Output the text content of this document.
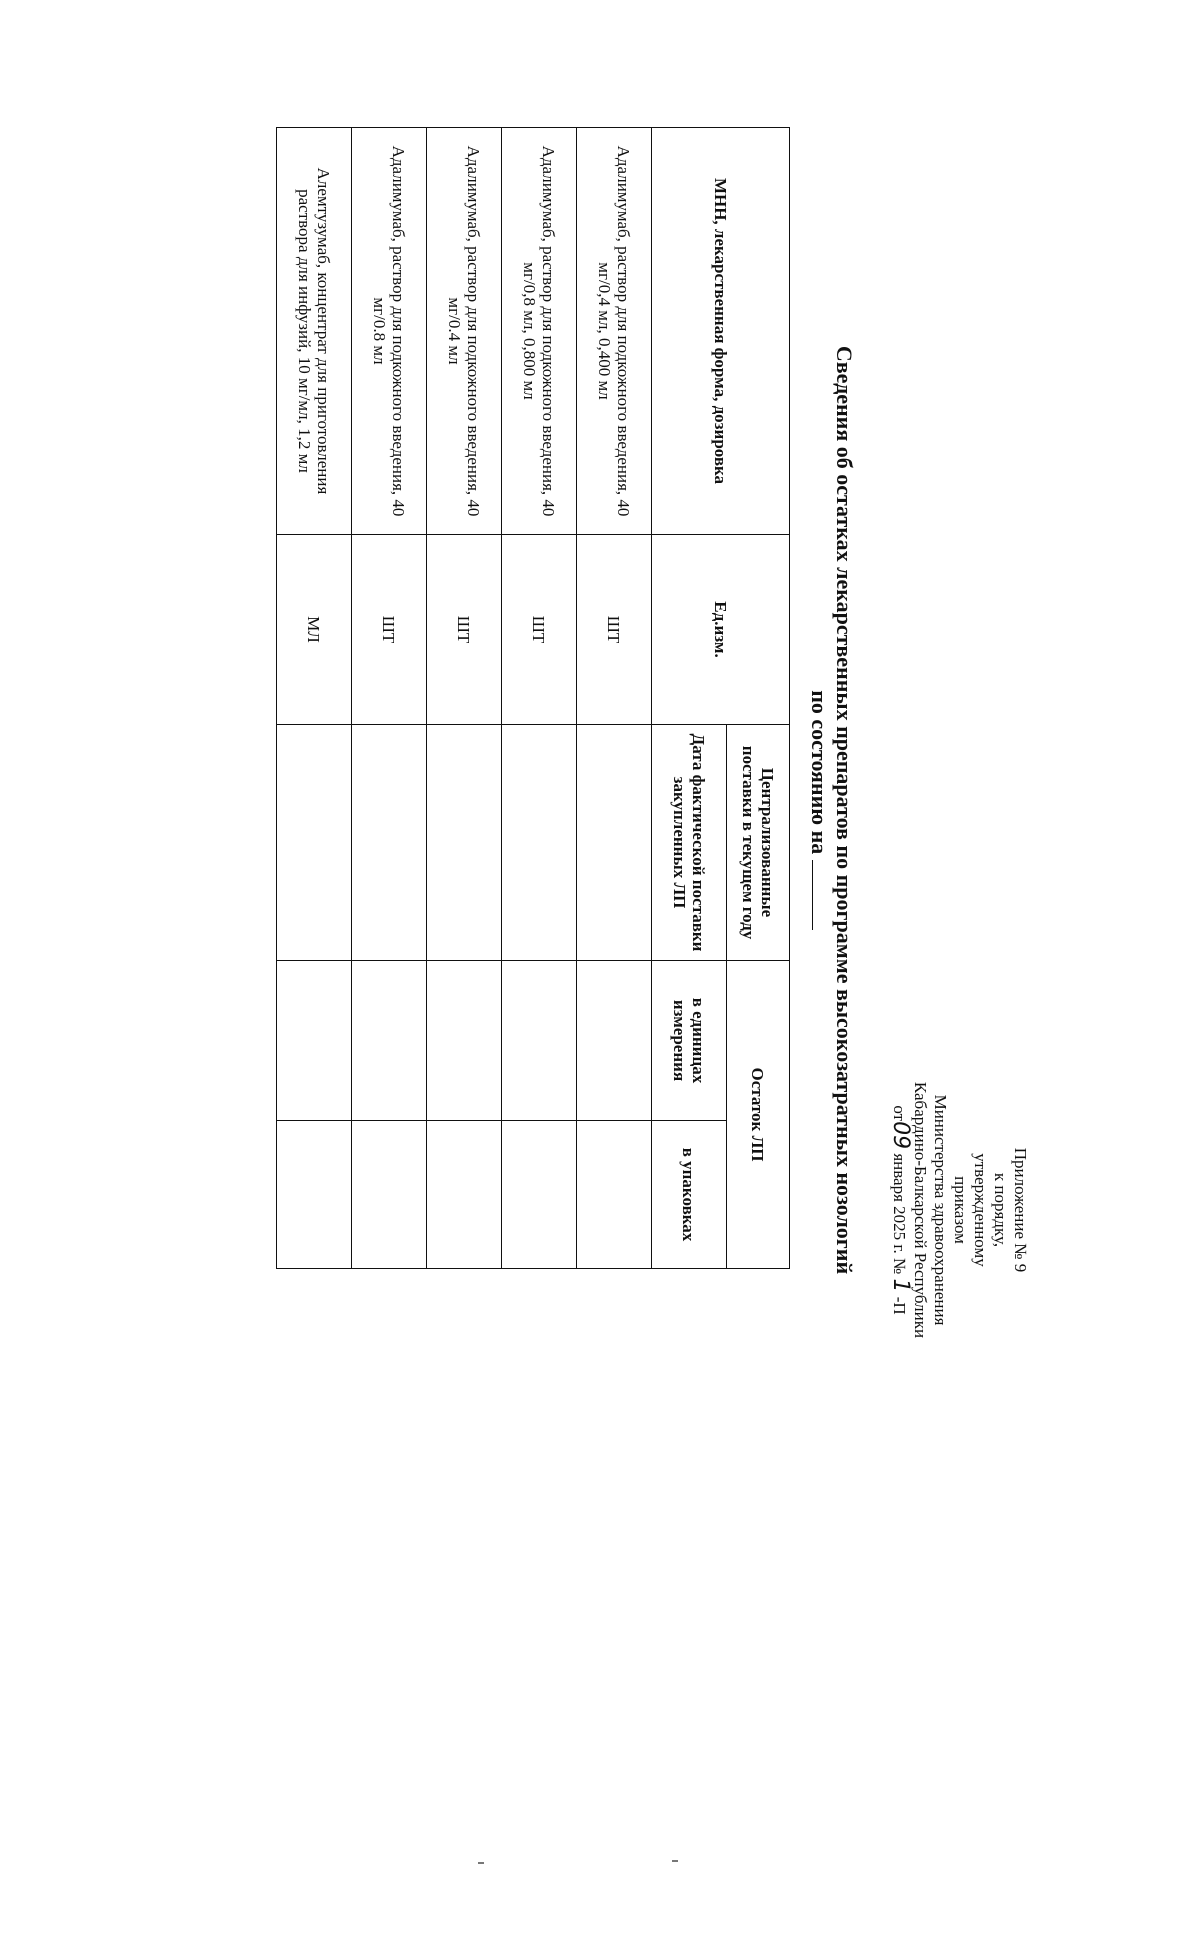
Приложение № 9
к порядку,
утвержденному
приказом
Министерства здравоохранения
Кабардино-Балкарской Республики
от09 января 2025 г. № 1 -П
Сведения об остатках лекарственных препаратов по программе высокозатратных нозологий
по состоянию на
МНН, лекарственная форма, дозировка	Ед.изм.	Централизованные поставки в текущем году	Остаток ЛП	
		Дата фактической поставки закупленных ЛП	в единицах измерения	в упаковках
Адалимумаб, раствор для подкожного введения, 40 мг/0,4 мл, 0,400 мл	ШТ			
Адалимумаб, раствор для подкожного введения, 40 мг/0,8 мл, 0,800 мл	ШТ			
Адалимумаб, раствор для подкожного введения, 40 мг/0.4 мл	ШТ			
Адалимумаб, раствор для подкожного введения, 40 мг/0.8 мл	ШТ			
Алемтузумаб, концентрат для приготовления раствора для инфузий, 10 мг/мл, 1,2 мл	МЛ			
